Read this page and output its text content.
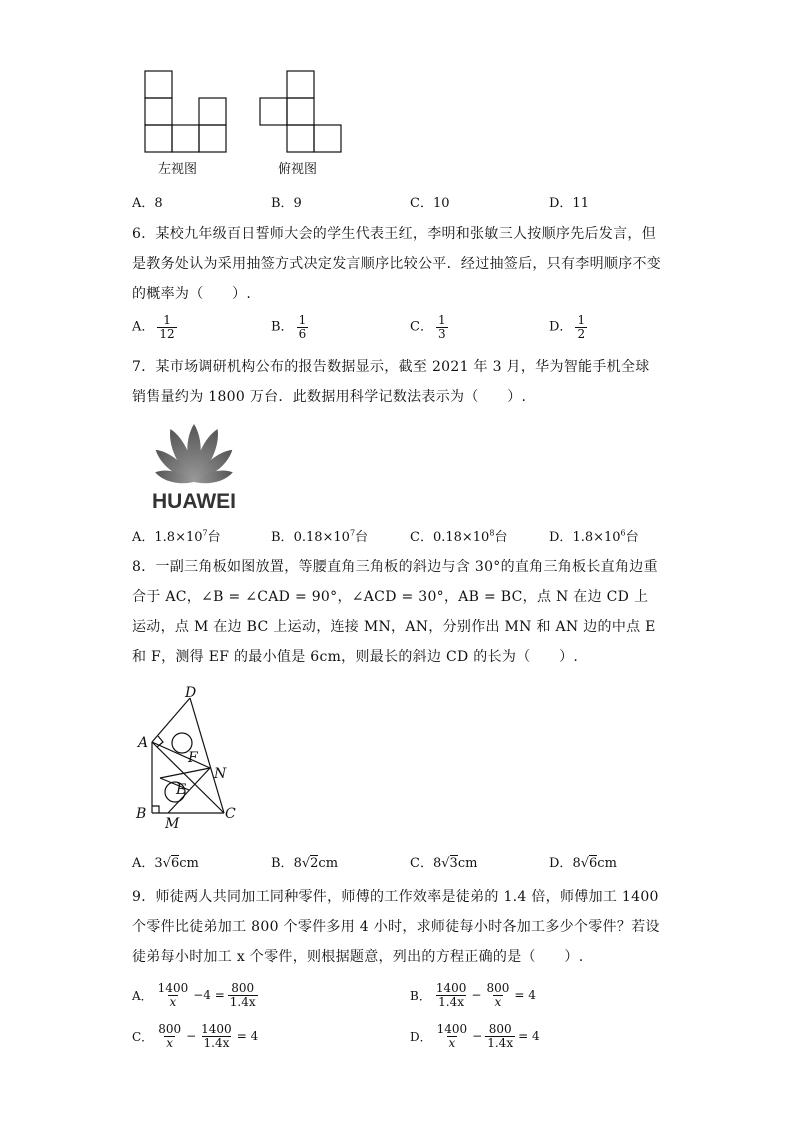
左视图	俯视图
A．8	B．9	C．10	D．11
6．某校九年级百日誓师大会的学生代表王红，李明和张敏三人按顺序先后发言，但是教务处认为采用抽签方式决定发言顺序比较公平．经过抽签后，只有李明顺序不变的概率为（　　）.
A． $\frac{1}{12}$	B． $\frac{1}{6}$	C． $\frac{1}{3}$	D． $\frac{1}{2}$
7．某市场调研机构公布的报告数据显示，截至 2021 年 3 月，华为智能手机全球销售量约为 1800 万台．此数据用科学记数法表示为（　　）.
HUAWEI
A．$1.8\times 10^7$台	B．$0.18\times 10^7$台	C．$0.18\times 10^8$台	D．$1.8\times 10^6$台
8．一副三角板如图放置，等腰直角三角板的斜边与含 30°的直角三角板长直角边重合于 AC，∠B = ∠CAD = 90°，∠ACD = 30°，AB = BC，点 N 在边 CD 上运动，点 M 在边 BC 上运动，连接 MN，AN，分别作出 MN 和 AN 边的中点 E 和 F，测得 EF 的最小值是 6cm，则最长的斜边 CD 的长为（　　）.
D
A
F
N
E
B
M
C
A．3√6cm	B．8√2cm	C．8√3cm	D．8√6cm
9．师徒两人共同加工同种零件，师傅的工作效率是徒弟的 1.4 倍，师傅加工 1400 个零件比徒弟加工 800 个零件多用 4 小时，求师徒每小时各加工多少个零件？若设徒弟每小时加工 x 个零件，则根据题意，列出的方程正确的是（　　）.
A． $\frac{1400}{x} -4 = \frac{800}{1.4x}$	B． $\frac{1400}{1.4x} - \frac{800}{x} = 4$
C． $\frac{800}{x} - \frac{1400}{1.4x} = 4$	D． $\frac{1400}{x} - \frac{800}{1.4x} = 4$
